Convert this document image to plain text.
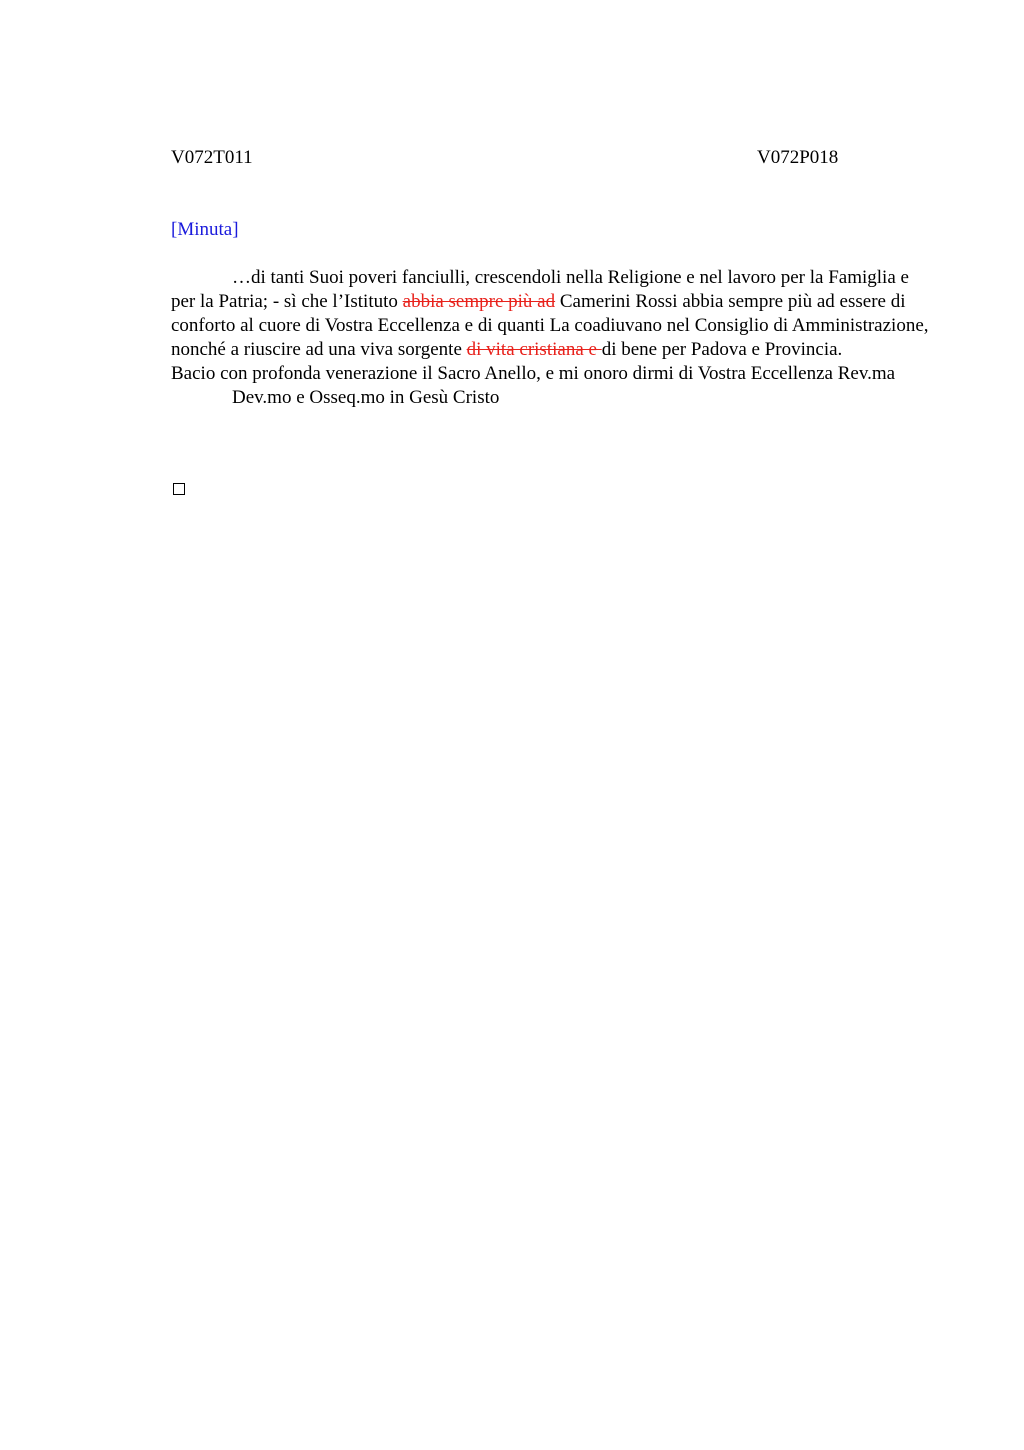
V072T011	V072P018
[Minuta]

…di tanti Suoi poveri fanciulli, crescendoli nella Religione e nel lavoro per la Famiglia e per la Patria; - sì che l’Istituto abbia sempre più ad Camerini Rossi abbia sempre più ad essere di conforto al cuore di Vostra Eccellenza e di quanti La coadiuvano nel Consiglio di Amministrazione, nonché a riuscire ad una viva sorgente di vita cristiana e di bene per Padova e Provincia.

Bacio con profonda venerazione il Sacro Anello, e mi onoro dirmi di Vostra Eccellenza Rev.ma

Dev.mo e Osseq.mo in Gesù Cristo
